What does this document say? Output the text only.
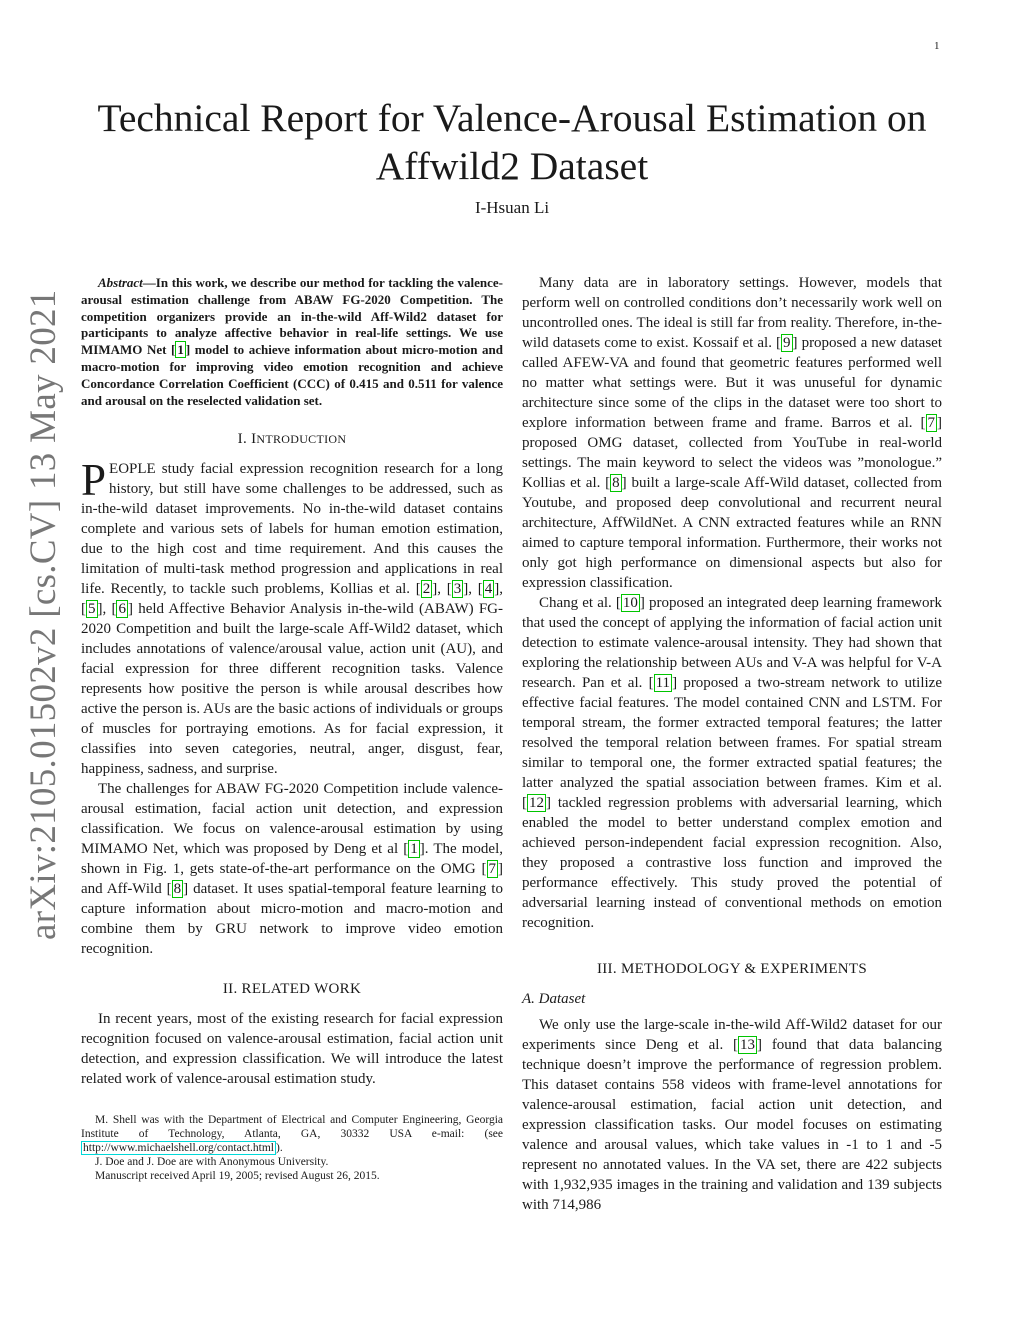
1
arXiv:2105.01502v2 [cs.CV] 13 May 2021
Technical Report for Valence-Arousal Estimation on Affwild2 Dataset
I-Hsuan Li

Abstract—In this work, we describe our method for tackling the valence-arousal estimation challenge from ABAW FG-2020 Competition. The competition organizers provide an in-the-wild Aff-Wild2 dataset for participants to analyze affective behavior in real-life settings. We use MIMAMO Net [ 1 ] model to achieve information about micro-motion and macro-motion for improving video emotion recognition and achieve Concordance Correlation Coefficient (CCC) of 0.415 and 0.511 for valence and arousal on the reselected validation set.

I. INTRODUCTION

PEOPLE study facial expression recognition research for a long history, but still have some challenges to be addressed, such as in-the-wild dataset improvements. No in-the-wild dataset contains complete and various sets of labels for human emotion estimation, due to the high cost and time requirement. And this causes the limitation of multi-task method progression and applications in real life. Recently, to tackle such problems, Kollias et al. [ 2 ], [ 3 ], [ 4 ], [ 5 ], [ 6 ] held Affective Behavior Analysis in-the-wild (ABAW) FG-2020 Competition and built the large-scale Aff-Wild2 dataset, which includes annotations of valence/arousal value, action unit (AU), and facial expression for three different recognition tasks. Valence represents how positive the person is while arousal describes how active the person is. AUs are the basic actions of individuals or groups of muscles for portraying emotions. As for facial expression, it classifies into seven categories, neutral, anger, disgust, fear, happiness, sadness, and surprise.

The challenges for ABAW FG-2020 Competition include valence-arousal estimation, facial action unit detection, and expression classification. We focus on valence-arousal estimation by using MIMAMO Net, which was proposed by Deng et al [ 1 ]. The model, shown in Fig. 1, gets state-of-the-art performance on the OMG [ 7 ] and Aff-Wild [ 8 ] dataset. It uses spatial-temporal feature learning to capture information about micro-motion and macro-motion and combine them by GRU network to improve video emotion recognition.

II. RELATED WORK

In recent years, most of the existing research for facial expression recognition focused on valence-arousal estimation, facial action unit detection, and expression classification. We will introduce the latest related work of valence-arousal estimation study.

M. Shell was with the Department of Electrical and Computer Engineering, Georgia Institute of Technology, Atlanta, GA, 30332 USA e-mail: (see http://www.michaelshell.org/contact.html ).

J. Doe and J. Doe are with Anonymous University.

Manuscript received April 19, 2005; revised August 26, 2015.

Many data are in laboratory settings. However, models that perform well on controlled conditions don’t necessarily work well on uncontrolled ones. The ideal is still far from reality. Therefore, in-the-wild datasets come to exist. Kossaif et al. [ 9 ] proposed a new dataset called AFEW-VA and found that geometric features performed well no matter what settings were. But it was unuseful for dynamic architecture since some of the clips in the dataset were too short to explore information between frame and frame. Barros et al. [ 7 ] proposed OMG dataset, collected from YouTube in real-world settings. The main keyword to select the videos was ”monologue.” Kollias et al. [ 8 ] built a large-scale Aff-Wild dataset, collected from Youtube, and proposed deep convolutional and recurrent neural architecture, AffWildNet. A CNN extracted features while an RNN aimed to capture temporal information. Furthermore, their works not only got high performance on dimensional aspects but also for expression classification.

Chang et al. [ 10 ] proposed an integrated deep learning framework that used the concept of applying the information of facial action unit detection to estimate valence-arousal intensity. They had shown that exploring the relationship between AUs and V-A was helpful for V-A research. Pan et al. [ 11 ] proposed a two-stream network to utilize effective facial features. The model contained CNN and LSTM. For temporal stream, the former extracted temporal features; the latter resolved the temporal relation between frames. For spatial stream similar to temporal one, the former extracted spatial features; the latter analyzed the spatial association between frames. Kim et al. [ 12 ] tackled regression problems with adversarial learning, which enabled the model to better understand complex emotion and achieved person-independent facial expression recognition. Also, they proposed a contrastive loss function and improved the performance effectively. This study proved the potential of adversarial learning instead of conventional methods on emotion recognition.

III. METHODOLOGY & EXPERIMENTS
A. Dataset

We only use the large-scale in-the-wild Aff-Wild2 dataset for our experiments since Deng et al. [ 13 ] found that data balancing technique doesn’t improve the performance of regression problem. This dataset contains 558 videos with frame-level annotations for valence-arousal estimation, facial action unit detection, and expression classification tasks. Our model focuses on estimating valence and arousal values, which take values in -1 to 1 and -5 represent no annotated values. In the VA set, there are 422 subjects with 1,932,935 images in the training and validation and 139 subjects with 714,986
